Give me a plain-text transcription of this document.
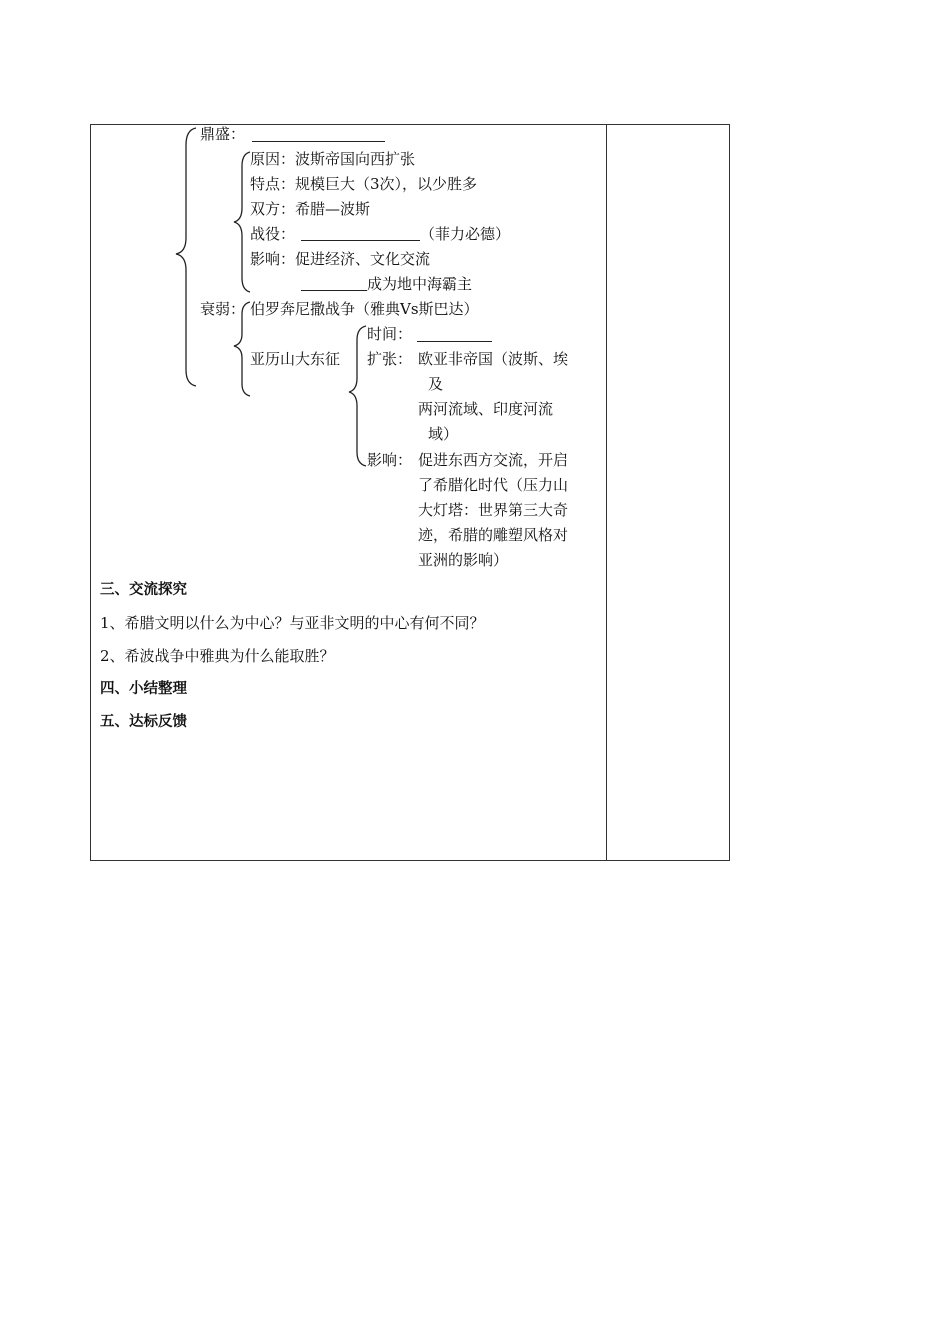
鼎盛：
原因：波斯帝国向西扩张
特点：规模巨大（3次），以少胜多
双方：希腊—波斯
战役：	（菲力必德）
影响：促进经济、文化交流
成为地中海霸主
衰弱： 伯罗奔尼撒战争（雅典Vs斯巴达）
亚历山大东征
时间：
扩张： 欧亚非帝国（波斯、埃
及
两河流域、印度河流
域）
影响： 促进东西方交流，开启
了希腊化时代（压力山
大灯塔：世界第三大奇
迹，希腊的雕塑风格对
亚洲的影响）
三、交流探究
1、希腊文明以什么为中心？与亚非文明的中心有何不同？
2、希波战争中雅典为什么能取胜？
四、小结整理
五、达标反馈
